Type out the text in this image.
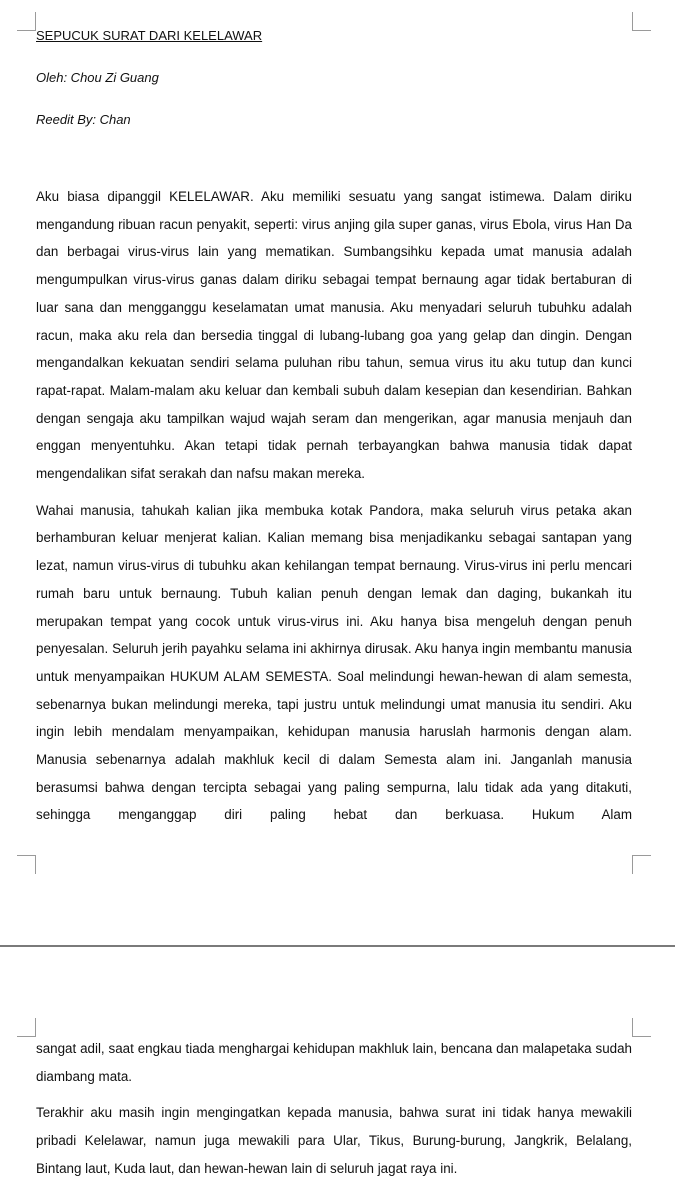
SEPUCUK SURAT DARI KELELAWAR

Oleh: Chou Zi Guang

Reedit By: Chan

Aku biasa dipanggil KELELAWAR. Aku memiliki sesuatu yang sangat istimewa. Dalam diriku mengandung ribuan racun penyakit, seperti: virus anjing gila super ganas, virus Ebola, virus Han Da dan berbagai virus-virus lain yang mematikan. Sumbangsihku kepada umat manusia adalah mengumpulkan virus-virus ganas dalam diriku sebagai tempat bernaung agar tidak bertaburan di luar sana dan mengganggu keselamatan umat manusia. Aku menyadari seluruh tubuhku adalah racun, maka aku rela dan bersedia tinggal di lubang-lubang goa yang gelap dan dingin. Dengan mengandalkan kekuatan sendiri selama puluhan ribu tahun, semua virus itu aku tutup dan kunci rapat-rapat. Malam-malam aku keluar dan kembali subuh dalam kesepian dan kesendirian. Bahkan dengan sengaja aku tampilkan wajud wajah seram dan mengerikan, agar manusia menjauh dan enggan menyentuhku. Akan tetapi tidak pernah terbayangkan bahwa manusia tidak dapat mengendalikan sifat serakah dan nafsu makan mereka.

Wahai manusia, tahukah kalian jika membuka kotak Pandora, maka seluruh virus petaka akan berhamburan keluar menjerat kalian. Kalian memang bisa menjadikanku sebagai santapan yang lezat, namun virus-virus di tubuhku akan kehilangan tempat bernaung. Virus-virus ini perlu mencari rumah baru untuk bernaung. Tubuh kalian penuh dengan lemak dan daging, bukankah itu merupakan tempat yang cocok untuk virus-virus ini. Aku hanya bisa mengeluh dengan penuh penyesalan. Seluruh jerih payahku selama ini akhirnya dirusak. Aku hanya ingin membantu manusia untuk menyampaikan HUKUM ALAM SEMESTA. Soal melindungi hewan-hewan di alam semesta, sebenarnya bukan melindungi mereka, tapi justru untuk melindungi umat manusia itu sendiri. Aku ingin lebih mendalam menyampaikan, kehidupan manusia haruslah harmonis dengan alam. Manusia sebenarnya adalah makhluk kecil di dalam Semesta alam ini. Janganlah manusia berasumsi bahwa dengan tercipta sebagai yang paling sempurna, lalu tidak ada yang ditakuti, sehingga menganggap diri paling hebat dan berkuasa. Hukum Alam

sangat adil, saat engkau tiada menghargai kehidupan makhluk lain, bencana dan malapetaka sudah diambang mata.

Terakhir aku masih ingin mengingatkan kepada manusia, bahwa surat ini tidak hanya mewakili pribadi Kelelawar, namun juga mewakili para Ular, Tikus, Burung-burung, Jangkrik, Belalang, Bintang laut, Kuda laut, dan hewan-hewan lain di seluruh jagat raya ini.
